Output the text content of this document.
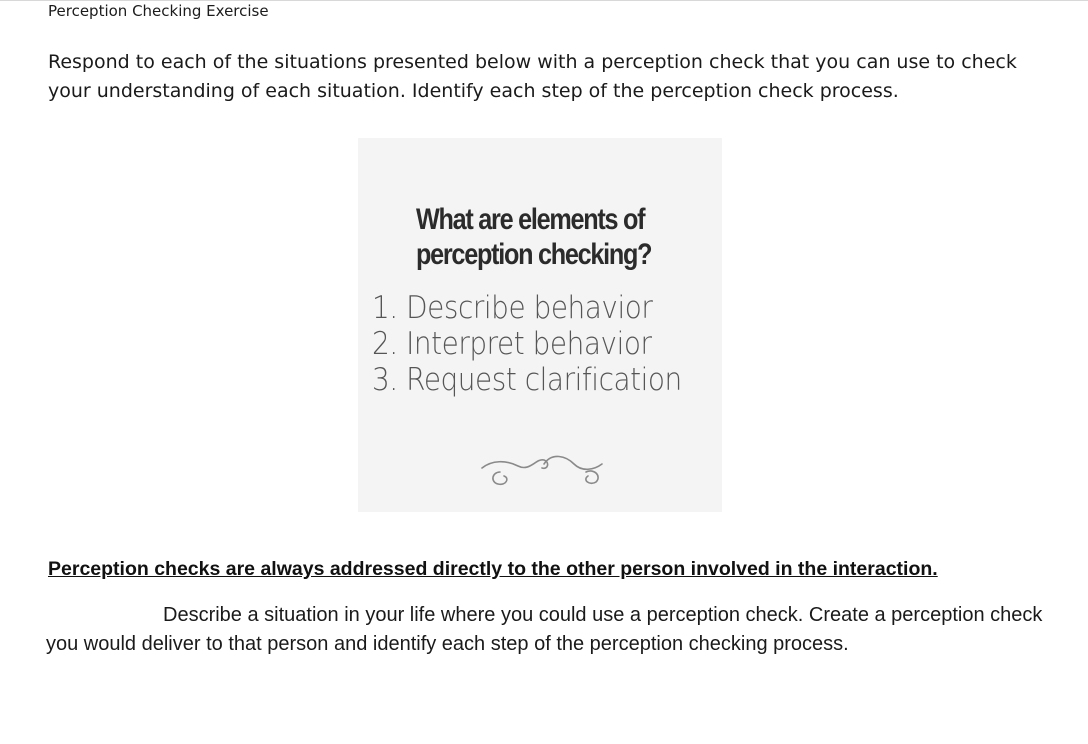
Perception Checking Exercise
Respond to each of the situations presented below with a perception check that you can use to check your understanding of each situation. Identify each step of the perception check process.
What are elements of
perception checking?
1. Describe behavior
2. Interpret behavior
3. Request clarification
Perception checks are always addressed directly to the other person involved in the interaction.
Describe a situation in your life where you could use a perception check. Create a perception check you would deliver to that person and identify each step of the perception checking process.
